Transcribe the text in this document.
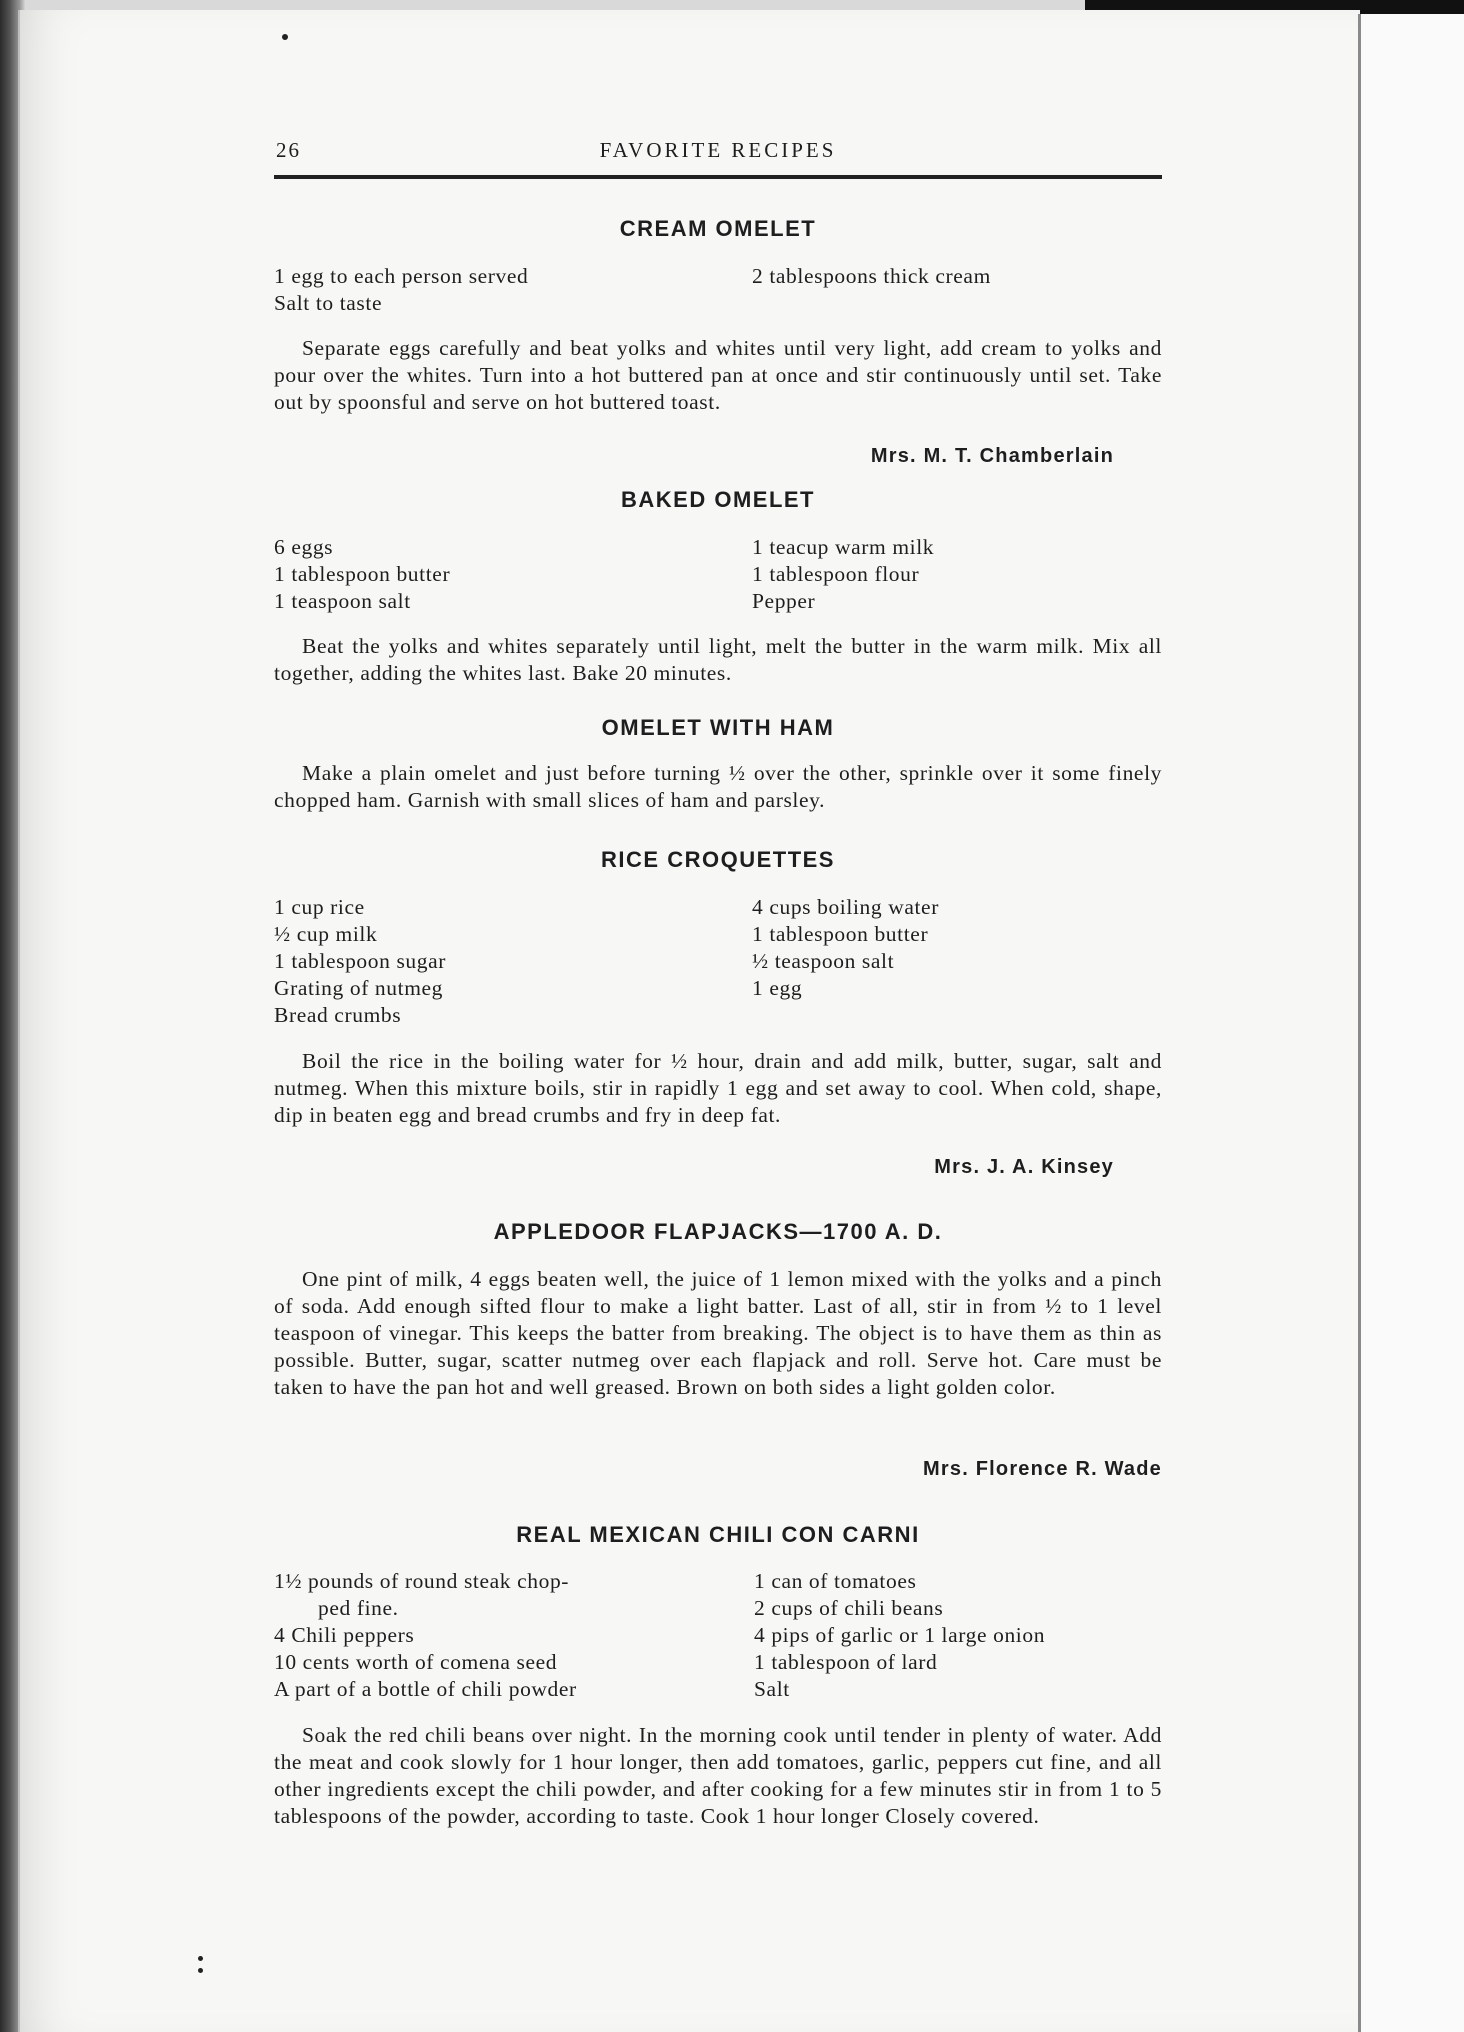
26	FAVORITE RECIPES
CREAM OMELET
1 egg to each person served
Salt to taste
2 tablespoons thick cream
Separate eggs carefully and beat yolks and whites until very light, add cream to yolks and pour over the whites. Turn into a hot buttered pan at once and stir continuously until set. Take out by spoonsful and serve on hot buttered toast.
Mrs. M. T. Chamberlain
BAKED OMELET
6 eggs
1 tablespoon butter
1 teaspoon salt
1 teacup warm milk
1 tablespoon flour
Pepper
Beat the yolks and whites separately until light, melt the butter in the warm milk. Mix all together, adding the whites last. Bake 20 minutes.
OMELET WITH HAM
Make a plain omelet and just before turning ½ over the other, sprinkle over it some finely chopped ham. Garnish with small slices of ham and parsley.
RICE CROQUETTES
1 cup rice
½ cup milk
1 tablespoon sugar
Grating of nutmeg
Bread crumbs
4 cups boiling water
1 tablespoon butter
½ teaspoon salt
1 egg
Boil the rice in the boiling water for ½ hour, drain and add milk, butter, sugar, salt and nutmeg. When this mixture boils, stir in rapidly 1 egg and set away to cool. When cold, shape, dip in beaten egg and bread crumbs and fry in deep fat.
Mrs. J. A. Kinsey
APPLEDOOR FLAPJACKS—1700 A. D.
One pint of milk, 4 eggs beaten well, the juice of 1 lemon mixed with the yolks and a pinch of soda. Add enough sifted flour to make a light batter. Last of all, stir in from ½ to 1 level teaspoon of vinegar. This keeps the batter from breaking. The object is to have them as thin as possible. Butter, sugar, scatter nutmeg over each flapjack and roll. Serve hot. Care must be taken to have the pan hot and well greased. Brown on both sides a light golden color.
Mrs. Florence R. Wade
REAL MEXICAN CHILI CON CARNI
1½ pounds of round steak chop-
ped fine.
4 Chili peppers
10 cents worth of comena seed
A part of a bottle of chili powder
1 can of tomatoes
2 cups of chili beans
4 pips of garlic or 1 large onion
1 tablespoon of lard
Salt
Soak the red chili beans over night. In the morning cook until tender in plenty of water. Add the meat and cook slowly for 1 hour longer, then add tomatoes, garlic, peppers cut fine, and all other ingredients except the chili powder, and after cooking for a few minutes stir in from 1 to 5 tablespoons of the powder, according to taste. Cook 1 hour longer Closely covered.
